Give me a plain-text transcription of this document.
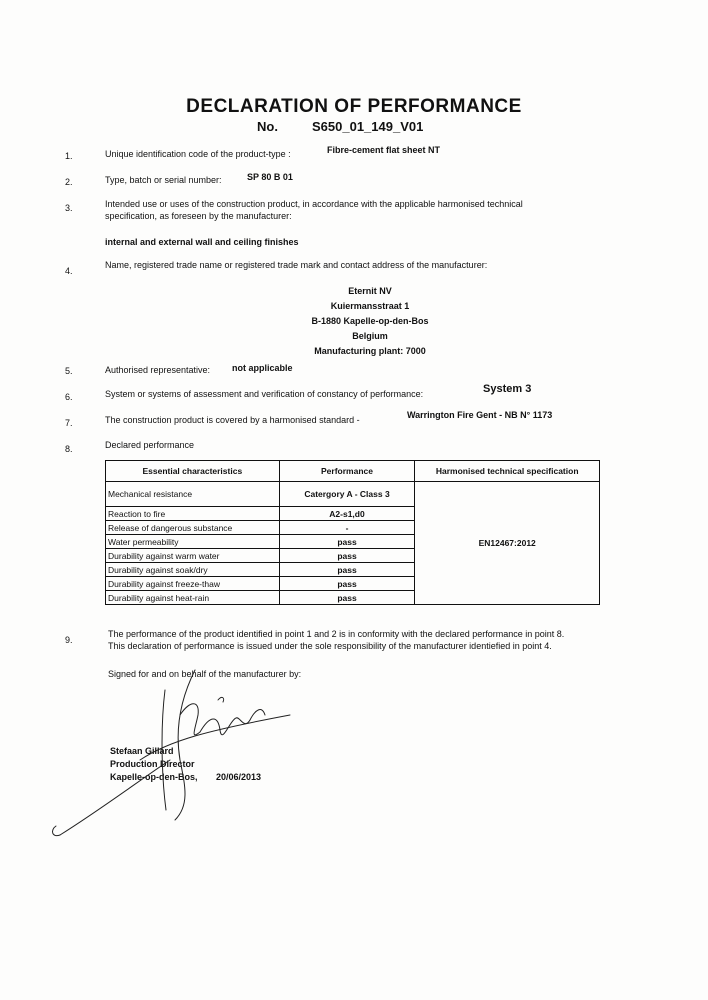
DECLARATION OF PERFORMANCE
No.	S650_01_149_V01
1.	Unique identification code of the product-type :	Fibre-cement flat sheet NT
2.	Type, batch or serial number:	SP 80 B 01
3.	Intended use or uses of the construction product, in accordance with the applicable harmonised technical
specification, as foreseen by the manufacturer:
internal and external wall and ceiling finishes
4.
Name, registered trade name or registered trade mark and contact address of the manufacturer:
Eternit NV
Kuiermansstraat 1
B-1880 Kapelle-op-den-Bos
Belgium
Manufacturing plant: 7000
5.	Authorised representative: not applicable
6.	System or systems of assessment and verification of constancy of performance:	System 3
7.	The construction product is covered by a harmonised standard -	Warrington Fire Gent - NB N° 1173
8.	Declared performance
Essential characteristics	Performance	Harmonised technical specification
Mechanical resistance	Catergory A - Class 3	EN12467:2012
Reaction to fire	A2-s1,d0	
Release of dangerous substance	-	
Water permeability	pass	
Durability against warm water	pass	
Durability against soak/dry	pass	
Durability against freeze-thaw	pass	
Durability against heat-rain	pass	
9.
The performance of the product identified in point 1 and 2 is in conformity with the declared performance in point 8.
This declaration of performance is issued under the sole responsibility of the manufacturer identiefied in point 4.
Signed for and on behalf of the manufacturer by:
Stefaan Gillard
Production Director
Kapelle-op-den-Bos, 20/06/2013
